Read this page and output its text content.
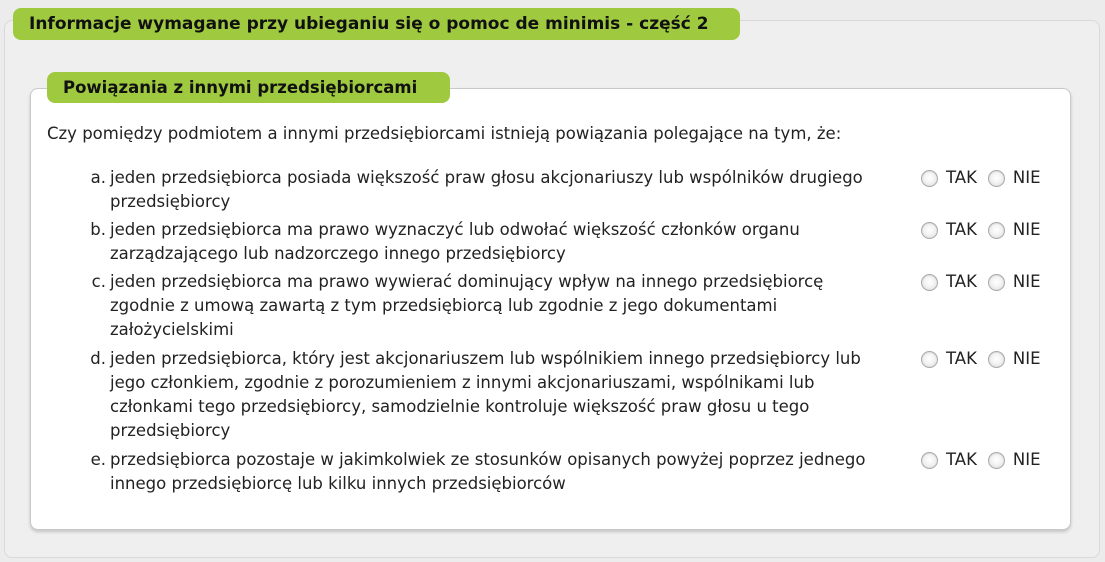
Informacje wymagane przy ubieganiu się o pomoc de minimis - część 2
Powiązania z innymi przedsiębiorcami
Czy pomiędzy podmiotem a innymi przedsiębiorcami istnieją powiązania polegające na tym, że:
a. jeden przedsiębiorca posiada większość praw głosu akcjonariuszy lub wspólników drugiego przedsiębiorcy
TAK NIE
b. jeden przedsiębiorca ma prawo wyznaczyć lub odwołać większość członków organu zarządzającego lub nadzorczego innego przedsiębiorcy
TAK NIE
c. jeden przedsiębiorca ma prawo wywierać dominujący wpływ na innego przedsiębiorcę zgodnie z umową zawartą z tym przedsiębiorcą lub zgodnie z jego dokumentami założycielskimi
TAK NIE
d. jeden przedsiębiorca, który jest akcjonariuszem lub wspólnikiem innego przedsiębiorcy lub jego członkiem, zgodnie z porozumieniem z innymi akcjonariuszami, wspólnikami lub członkami tego przedsiębiorcy, samodzielnie kontroluje większość praw głosu u tego przedsiębiorcy
TAK NIE
e. przedsiębiorca pozostaje w jakimkolwiek ze stosunków opisanych powyżej poprzez jednego innego przedsiębiorcę lub kilku innych przedsiębiorców
TAK NIE
